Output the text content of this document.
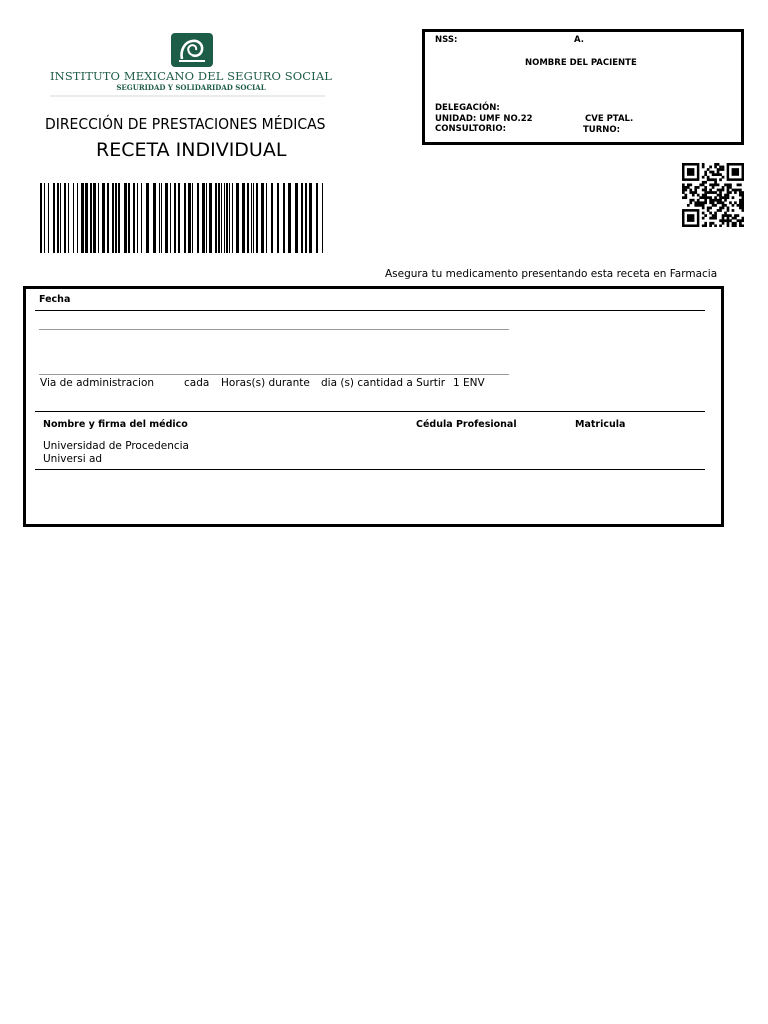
INSTITUTO MEXICANO DEL SEGURO SOCIAL
SEGURIDAD Y SOLIDARIDAD SOCIAL
DIRECCIÓN DE PRESTACIONES MÉDICAS
RECETA INDIVIDUAL
NSS:	A.
NOMBRE DEL PACIENTE
DELEGACIÓN:
UNIDAD: UMF NO.22	CVE PTAL.
CONSULTORIO:	TURNO:
Asegura tu medicamento presentando esta receta en Farmacia
Fecha
Via de administracion	cada Horas(s) durante dia (s) cantidad a Surtir 1 ENV
Nombre y firma del médico	Cédula Profesional	Matricula
Universidad de Procedencia
Universi ad
